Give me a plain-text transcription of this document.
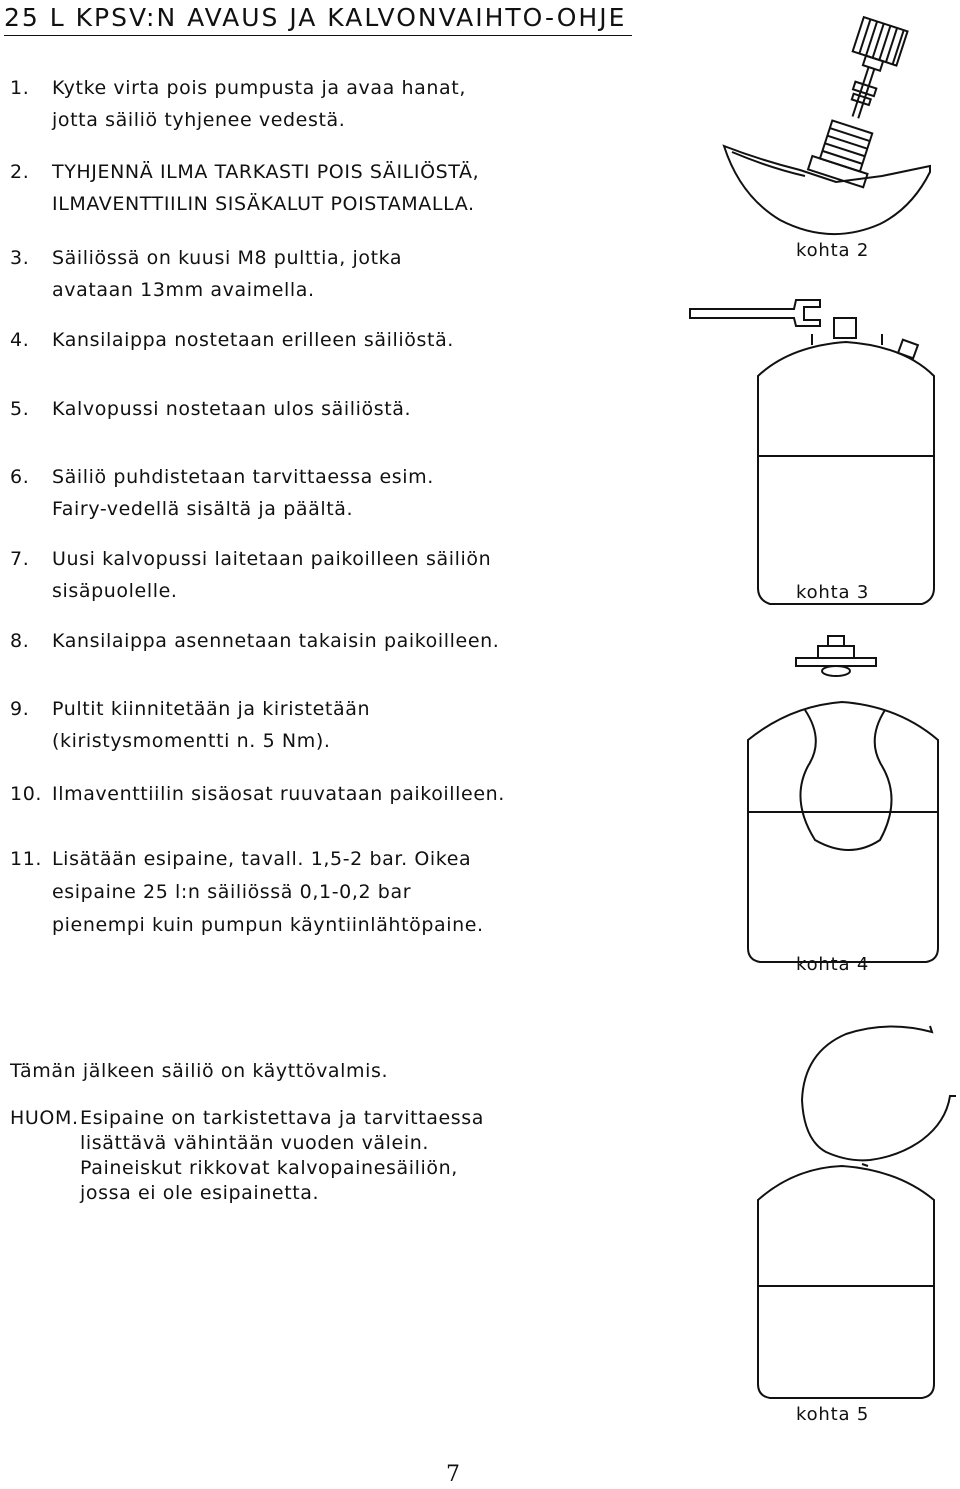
25 L KPSV:N AVAUS JA KALVONVAIHTO-OHJE
1. Kytke virta pois pumpusta ja avaa hanat,
jotta säiliö tyhjenee vedestä.
2. TYHJENNÄ ILMA TARKASTI POIS SÄILIÖSTÄ,
ILMAVENTTIILIN SISÄKALUT POISTAMALLA.
3. Säiliössä on kuusi M8 pulttia, jotka
avataan 13mm avaimella.
4. Kansilaippa nostetaan erilleen säiliöstä.
5. Kalvopussi nostetaan ulos säiliöstä.
6. Säiliö puhdistetaan tarvittaessa esim.
Fairy-vedellä sisältä ja päältä.
7. Uusi kalvopussi laitetaan paikoilleen säiliön
sisäpuolelle.
8. Kansilaippa asennetaan takaisin paikoilleen.
9. Pultit kiinnitetään ja kiristetään
(kiristysmomentti n. 5 Nm).
10. Ilmaventtiilin sisäosat ruuvataan paikoilleen.
11. Lisätään esipaine, tavall. 1,5-2 bar. Oikea
esipaine 25 l:n säiliössä 0,1-0,2 bar
pienempi kuin pumpun käyntiinlähtöpaine.
Tämän jälkeen säiliö on käyttövalmis.
HUOM.Esipaine on tarkistettava ja tarvittaessa
lisättävä vähintään vuoden välein.
Paineiskut rikkovat kalvopainesäiliön,
jossa ei ole esipainetta.
kohta 2
kohta 3
kohta 4
kohta 5
7
